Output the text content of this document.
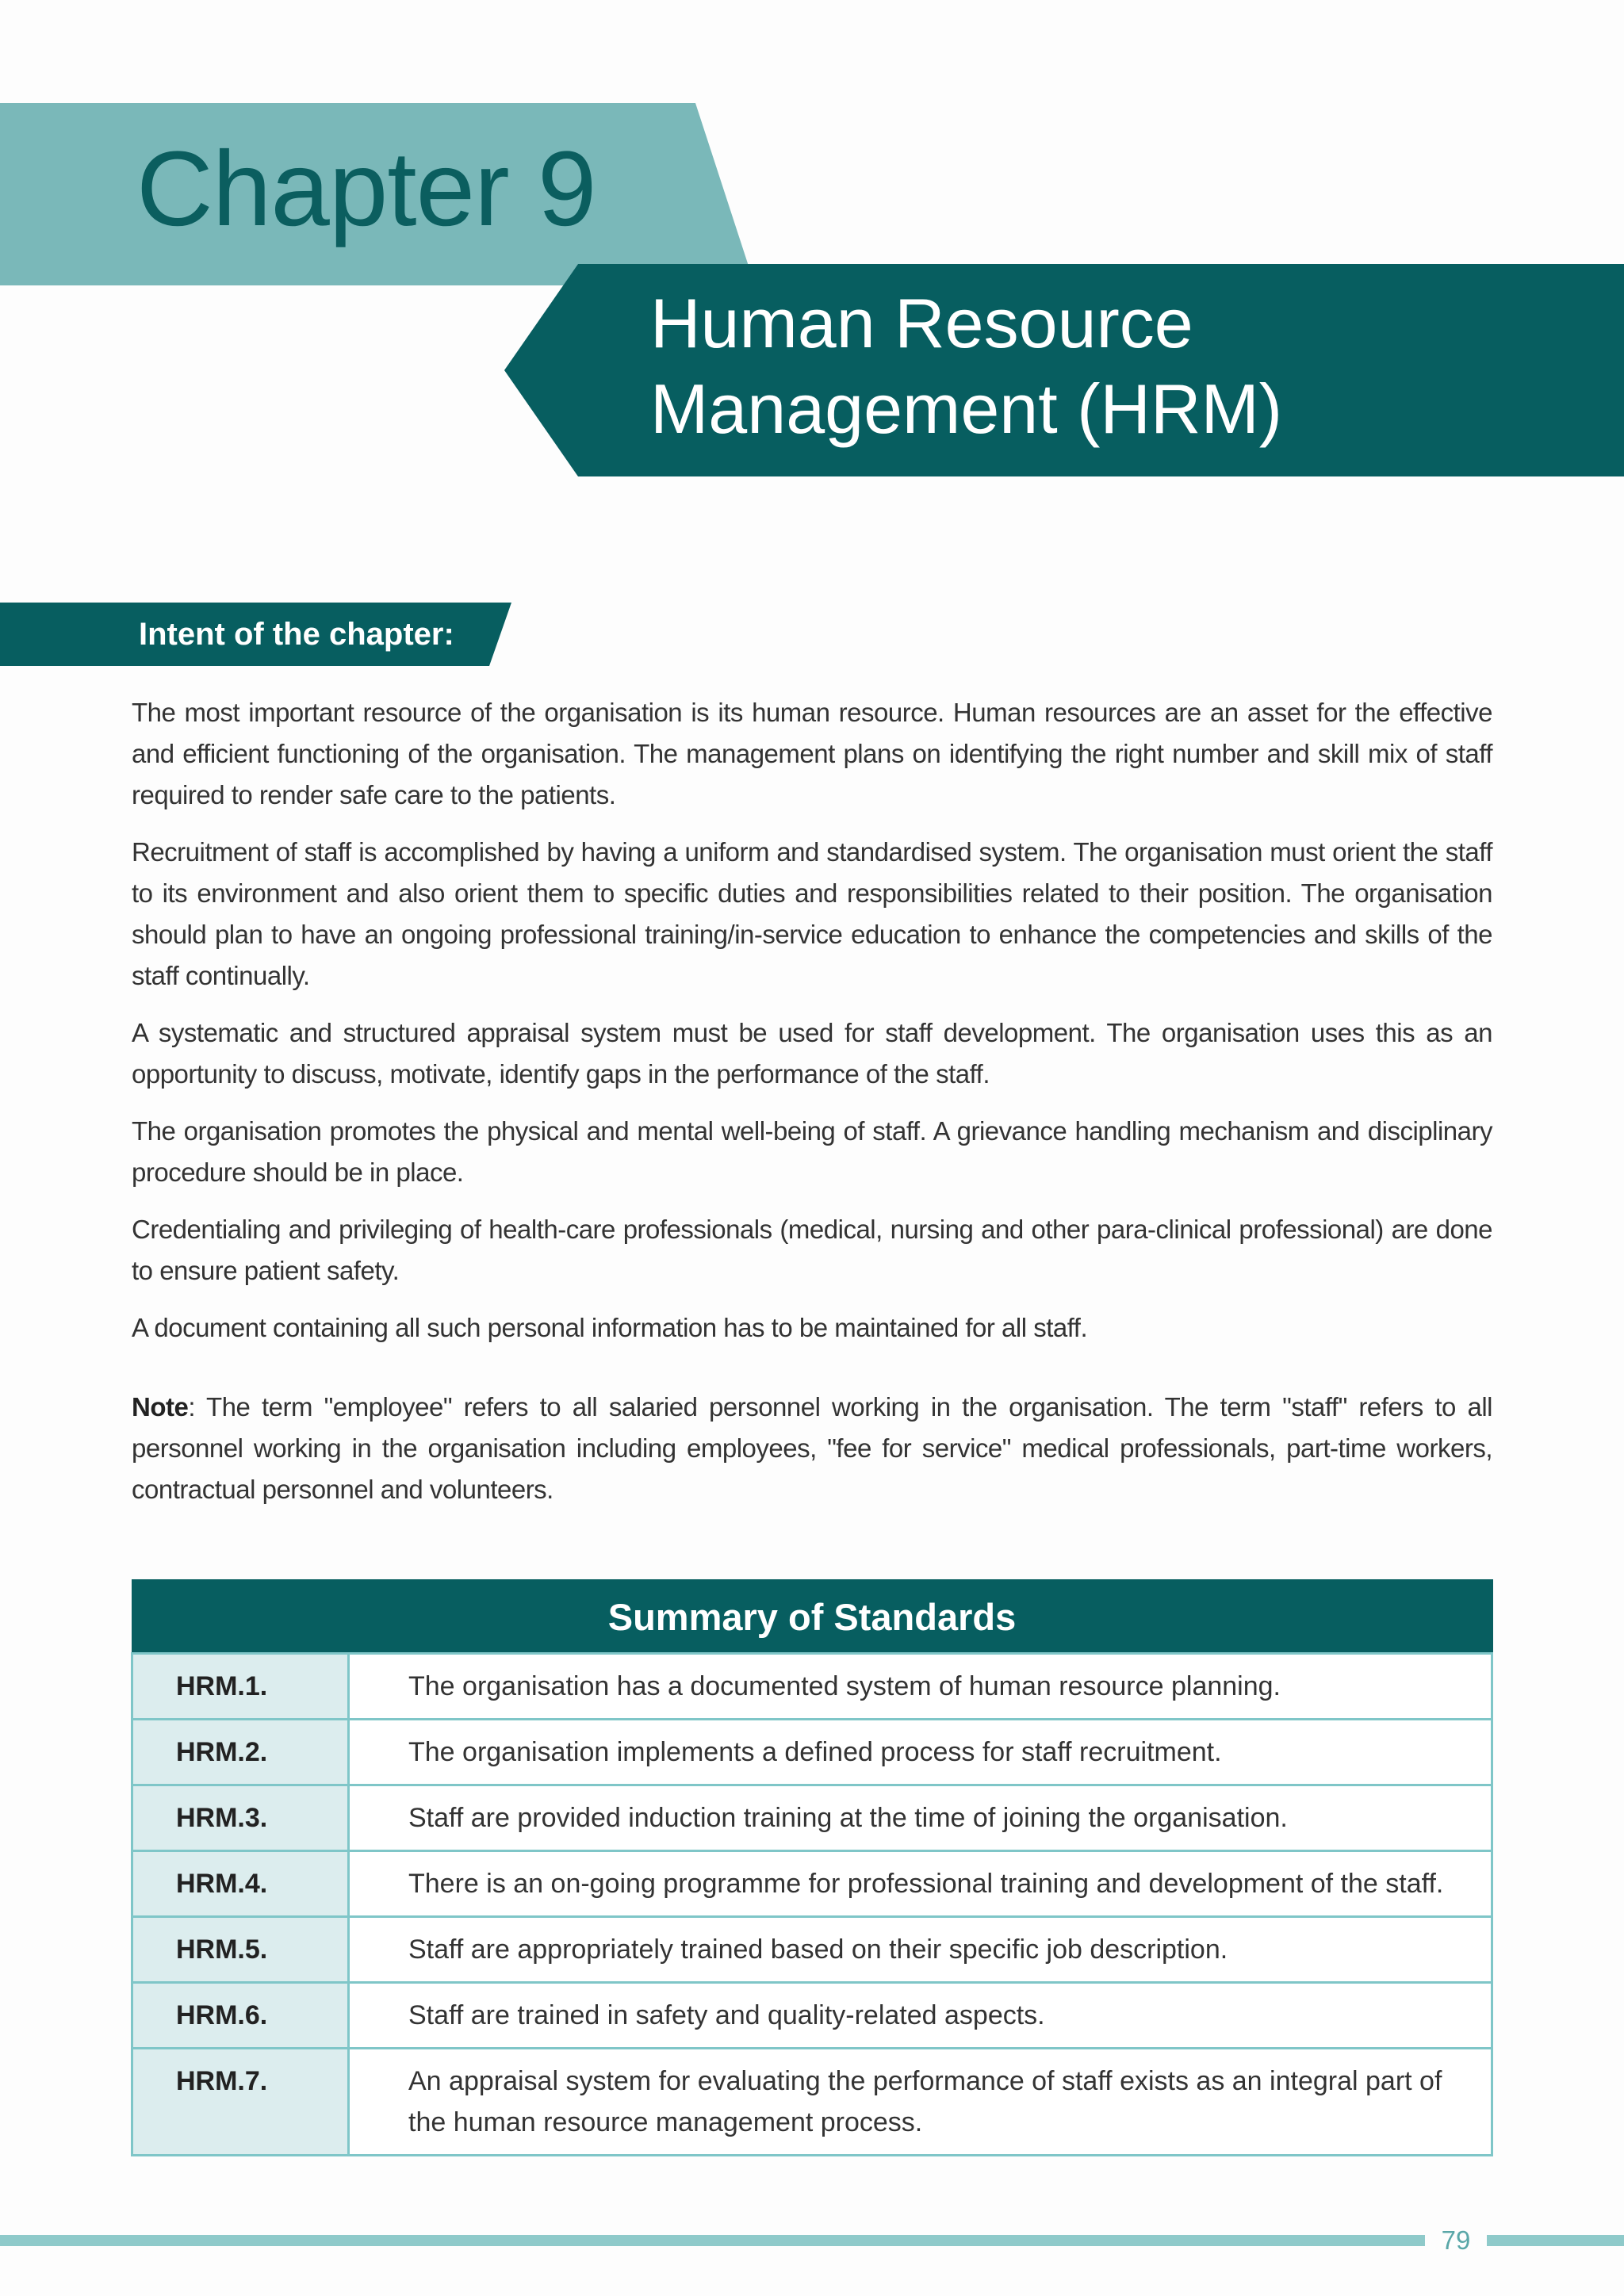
Chapter 9
Human Resource
Management (HRM)
Intent of the chapter:

The most important resource of the organisation is its human resource. Human resources are an asset for the effective and efficient functioning of the organisation. The management plans on identifying the right number and skill mix of staff required to render safe care to the patients.

Recruitment of staff is accomplished by having a uniform and standardised system. The organisation must orient the staff to its environment and also orient them to specific duties and responsibilities related to their position. The organisation should plan to have an ongoing professional training/in-service education to enhance the competencies and skills of the staff continually.

A systematic and structured appraisal system must be used for staff development. The organisation uses this as an opportunity to discuss, motivate, identify gaps in the performance of the staff.

The organisation promotes the physical and mental well-being of staff. A grievance handling mechanism and disciplinary procedure should be in place.

Credentialing and privileging of health-care professionals (medical, nursing and other para-clinical professional) are done to ensure patient safety.

A document containing all such personal information has to be maintained for all staff.

Note: The term "employee" refers to all salaried personnel working in the organisation. The term "staff" refers to all personnel working in the organisation including employees, "fee for service" medical professionals, part-time workers, contractual personnel and volunteers.

Summary of Standards	
HRM.1.	The organisation has a documented system of human resource planning.
HRM.2.	The organisation implements a defined process for staff recruitment.
HRM.3.	Staff are provided induction training at the time of joining the organisation.
HRM.4.	There is an on-going programme for professional training and development of the staff.
HRM.5.	Staff are appropriately trained based on their specific job description.
HRM.6.	Staff are trained in safety and quality-related aspects.
HRM.7.	An appraisal system for evaluating the performance of staff exists as an integral part of the human resource management process.

79
